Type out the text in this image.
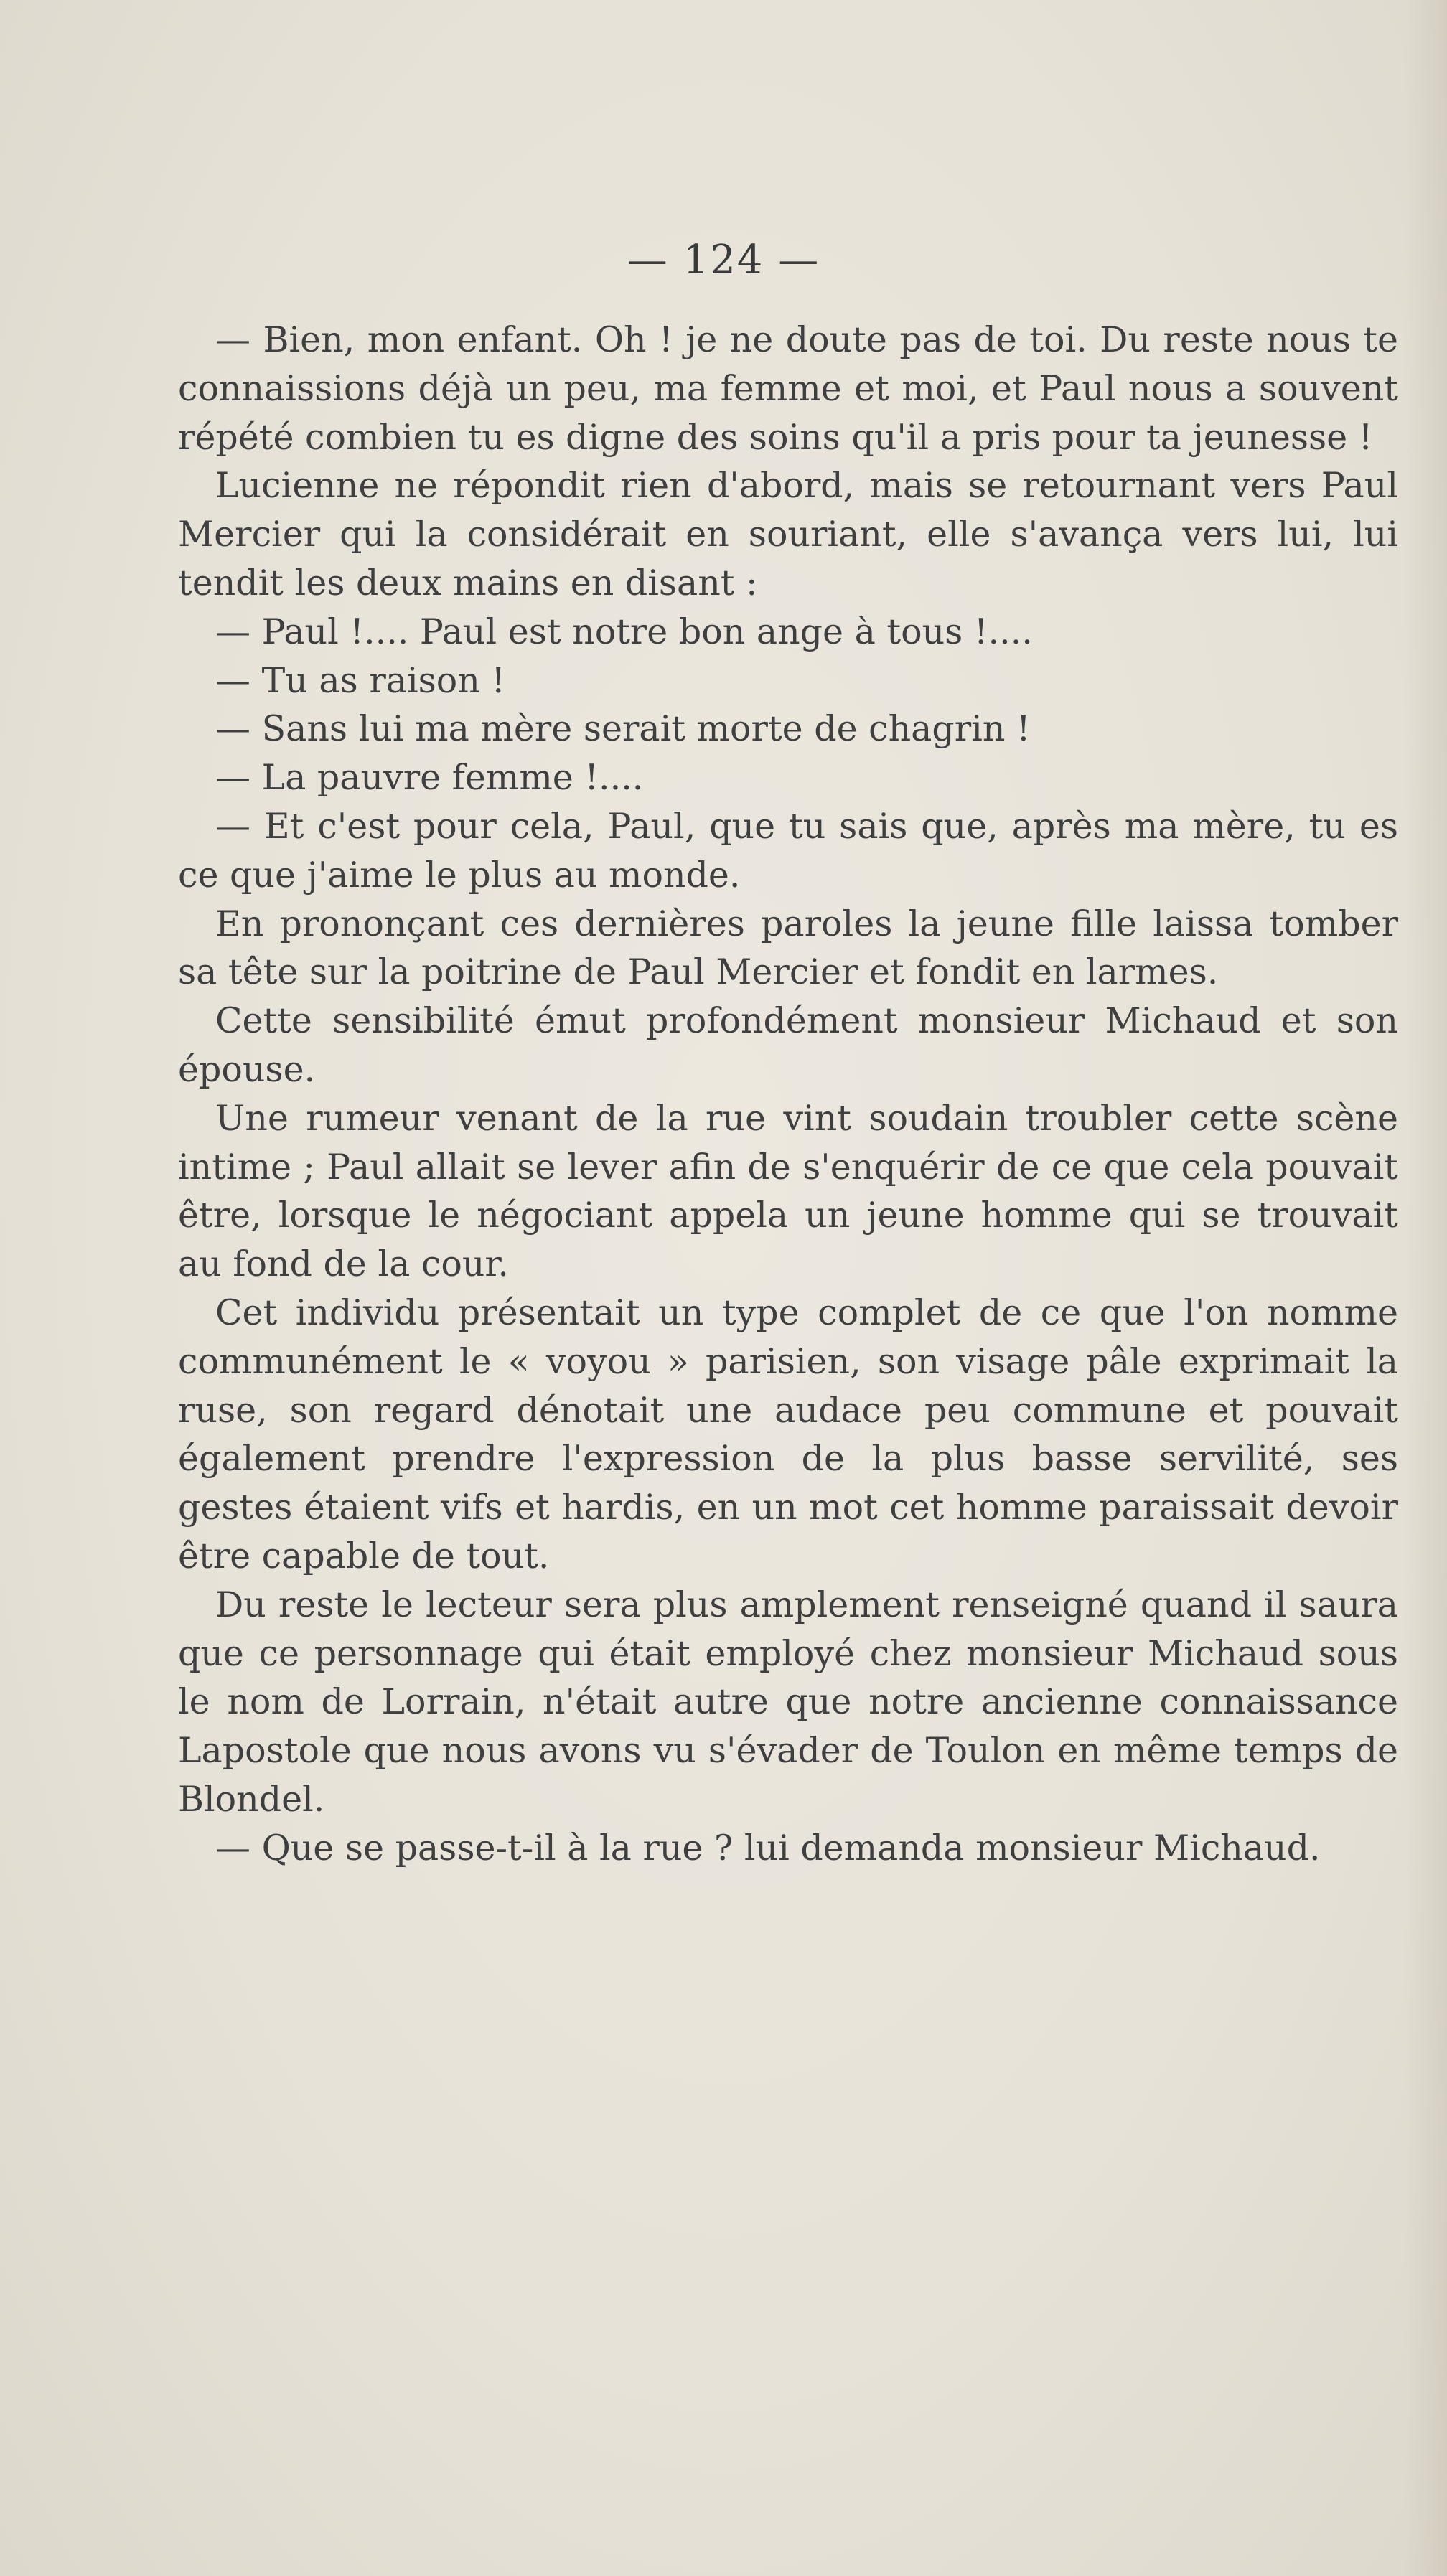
— 124 —

— Bien, mon enfant. Oh ! je ne doute pas de toi. Du reste nous te connaissions déjà un peu, ma femme et moi, et Paul nous a souvent répété combien tu es digne des soins qu'il a pris pour ta jeunesse !

Lucienne ne répondit rien d'abord, mais se retournant vers Paul Mercier qui la considérait en souriant, elle s'avança vers lui, lui tendit les deux mains en disant :

— Paul !.... Paul est notre bon ange à tous !....

— Tu as raison !

— Sans lui ma mère serait morte de chagrin !

— La pauvre femme !....

— Et c'est pour cela, Paul, que tu sais que, après ma mère, tu es ce que j'aime le plus au monde.

En prononçant ces dernières paroles la jeune fille laissa tomber sa tête sur la poitrine de Paul Mercier et fondit en larmes.

Cette sensibilité émut profondément monsieur Michaud et son épouse.

Une rumeur venant de la rue vint soudain troubler cette scène intime ; Paul allait se lever afin de s'enquérir de ce que cela pouvait être, lorsque le négociant appela un jeune homme qui se trouvait au fond de la cour.

Cet individu présentait un type complet de ce que l'on nomme communément le « voyou » parisien, son visage pâle exprimait la ruse, son regard dénotait une audace peu commune et pouvait également prendre l'expression de la plus basse servilité, ses gestes étaient vifs et hardis, en un mot cet homme paraissait devoir être capable de tout.

Du reste le lecteur sera plus amplement renseigné quand il saura que ce personnage qui était employé chez monsieur Michaud sous le nom de Lorrain, n'était autre que notre ancienne connaissance Lapostole que nous avons vu s'évader de Toulon en même temps de Blondel.

— Que se passe-t-il à la rue ? lui demanda monsieur Michaud.
